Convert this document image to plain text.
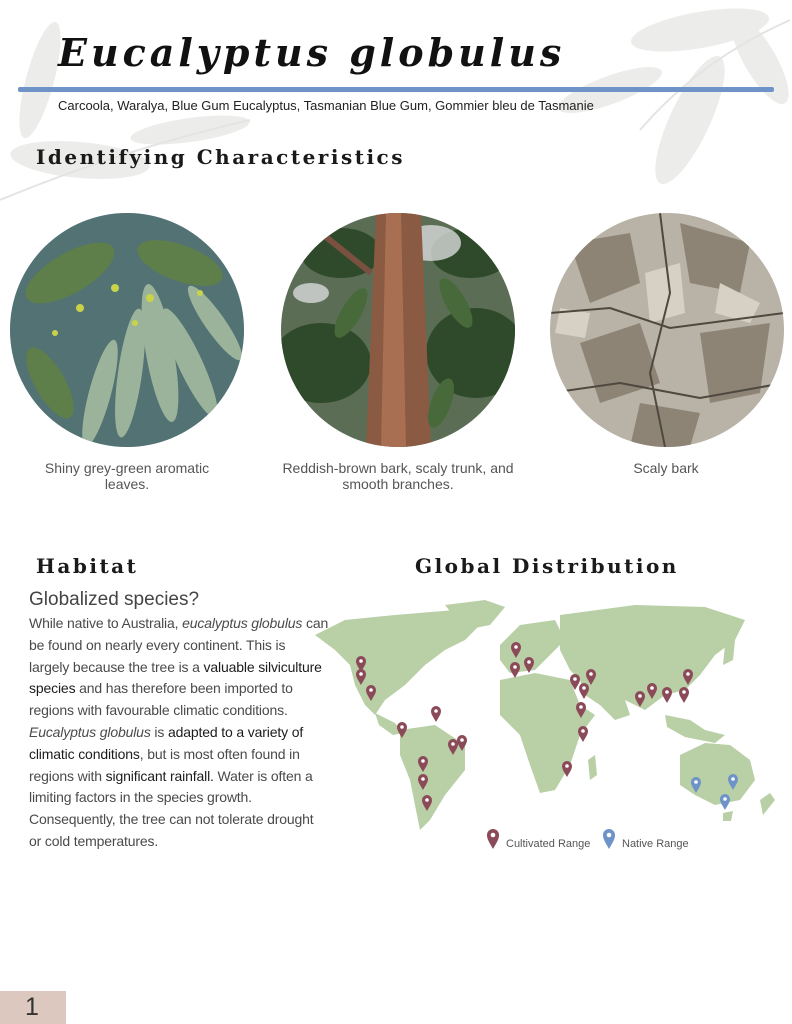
Eucalyptus globulus
Carcoola, Waralya, Blue Gum Eucalyptus, Tasmanian Blue Gum, Gommier bleu de Tasmanie
Identifying Characteristics
Shiny grey-green aromatic leaves.
Reddish-brown bark, scaly trunk, and smooth branches.
Scaly bark
Habitat	Global Distribution
Globalized species?
While native to Australia, eucalyptus globulus can be found on nearly every continent. This is largely because the tree is a valuable silviculture species and has therefore been imported to regions with favourable climatic conditions. Eucalyptus globulus is adapted to a variety of climatic conditions, but is most often found in regions with significant rainfall. Water is often a limiting factors in the species growth. Consequently, the tree can not tolerate drought or cold temperatures.	Cultivated Range	Native Range
1
